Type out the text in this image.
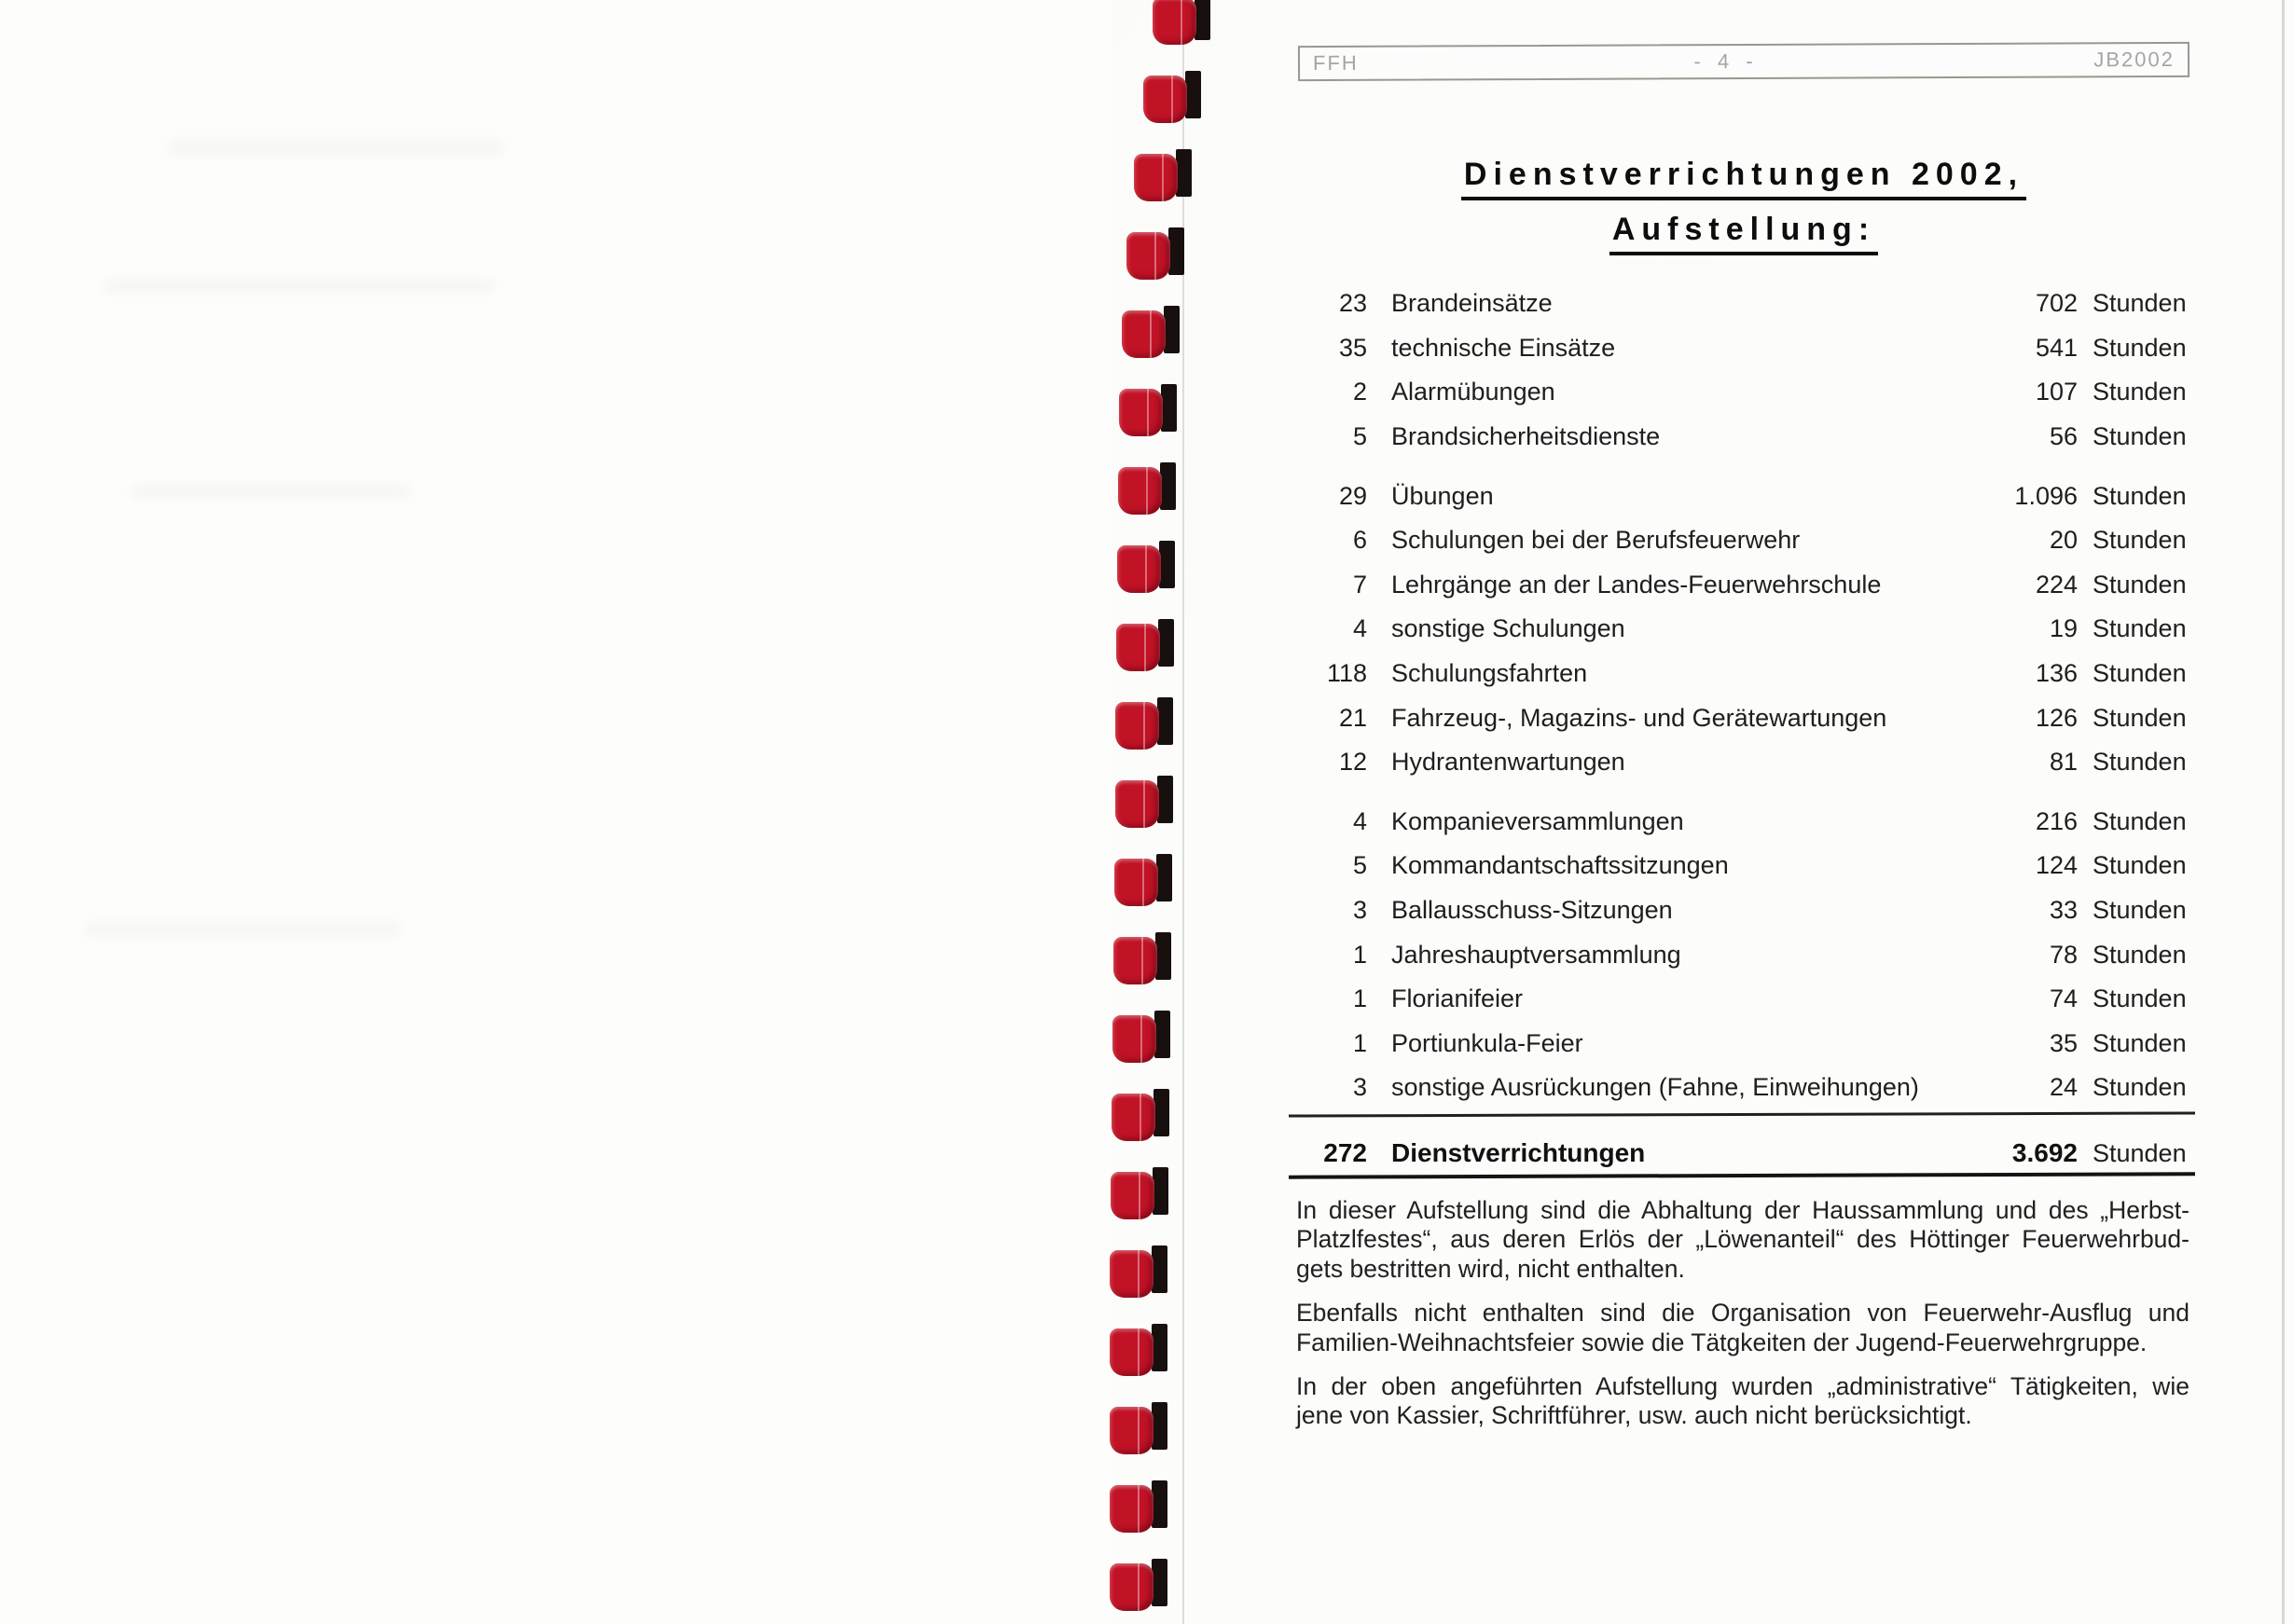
FFH	- 4 -	JB2002
Dienstverrichtungen 2002,
Aufstellung:
23 Brandeinsätze	702 Stunden
35 technische Einsätze	541 Stunden
2 Alarmübungen	107 Stunden
5 Brandsicherheitsdienste	56 Stunden
29 Übungen	1.096 Stunden
6 Schulungen bei der Berufsfeuerwehr	20 Stunden
7 Lehrgänge an der Landes-Feuerwehrschule	224 Stunden
4 sonstige Schulungen	19 Stunden
118 Schulungsfahrten	136 Stunden
21 Fahrzeug-, Magazins- und Gerätewartungen	126 Stunden
12 Hydrantenwartungen	81 Stunden
4 Kompanieversammlungen	216 Stunden
5 Kommandantschaftssitzungen	124 Stunden
3 Ballausschuss-Sitzungen	33 Stunden
1 Jahreshauptversammlung	78 Stunden
1 Florianifeier	74 Stunden
1 Portiunkula-Feier	35 Stunden
3 sonstige Ausrückungen (Fahne, Einweihungen)	24 Stunden
272 Dienstverrichtungen	3.692 Stunden
In dieser Aufstellung sind die Abhaltung der Haussammlung und des „Herbst-
Platzlfestes“, aus deren Erlös der „Löwenanteil“ des Höttinger Feuerwehrbud-
gets bestritten wird, nicht enthalten.
Ebenfalls nicht enthalten sind die Organisation von Feuerwehr-Ausflug und
Familien-Weihnachtsfeier sowie die Tätgkeiten der Jugend-Feuerwehrgruppe.
In der oben angeführten Aufstellung wurden „administrative“ Tätigkeiten, wie
jene von Kassier, Schriftführer, usw. auch nicht berücksichtigt.
